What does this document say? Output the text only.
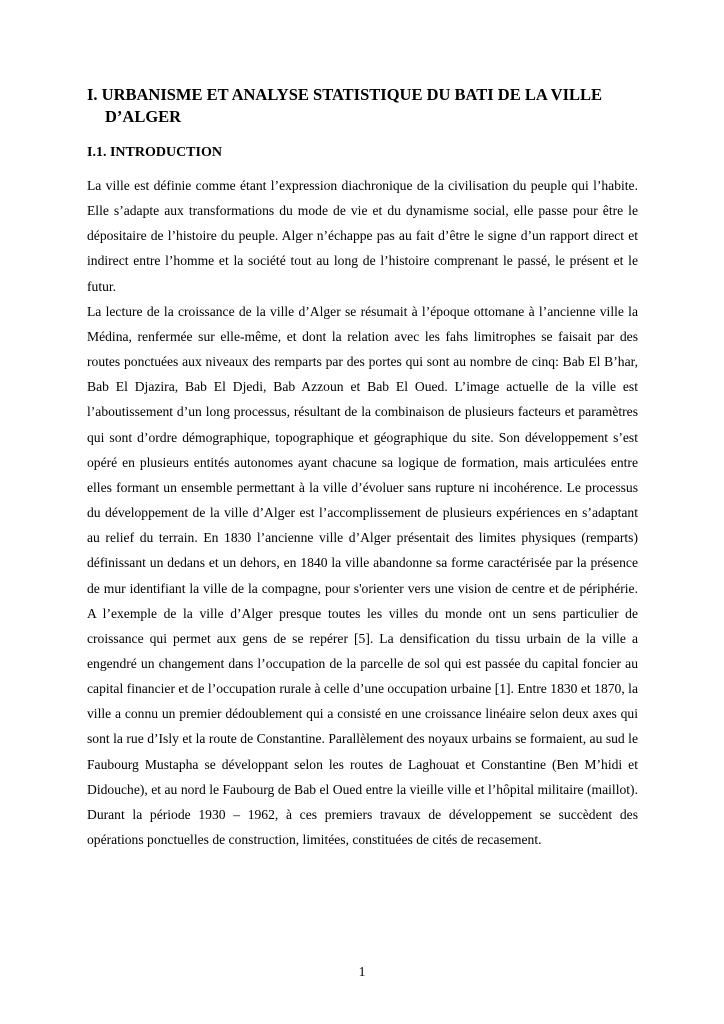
I. URBANISME ET ANALYSE STATISTIQUE DU BATI DE LA VILLE
D’ALGER
I.1. INTRODUCTION

La ville est définie comme étant l’expression diachronique de la civilisation du peuple qui l’habite. Elle s’adapte aux transformations du mode de vie et du dynamisme social, elle passe pour être le dépositaire de l’histoire du peuple. Alger n’échappe pas au fait d’être le signe d’un rapport direct et indirect entre l’homme et la société tout au long de l’histoire comprenant le passé, le présent et le futur.

La lecture de la croissance de la ville d’Alger se résumait à l’époque ottomane à l’ancienne ville la Médina, renfermée sur elle-même, et dont la relation avec les fahs limitrophes se faisait par des routes ponctuées aux niveaux des remparts par des portes qui sont au nombre de cinq: Bab El B’har, Bab El Djazira, Bab El Djedi, Bab Azzoun et Bab El Oued. L’image actuelle de la ville est l’aboutissement d’un long processus, résultant de la combinaison de plusieurs facteurs et paramètres qui sont d’ordre démographique, topographique et géographique du site. Son développement s’est opéré en plusieurs entités autonomes ayant chacune sa logique de formation, mais articulées entre elles formant un ensemble permettant à la ville d’évoluer sans rupture ni incohérence. Le processus du développement de la ville d’Alger est l’accomplissement de plusieurs expériences en s’adaptant au relief du terrain. En 1830 l’ancienne ville d’Alger présentait des limites physiques (remparts) définissant un dedans et un dehors, en 1840 la ville abandonne sa forme caractérisée par la présence de mur identifiant la ville de la compagne, pour s'orienter vers une vision de centre et de périphérie. A l’exemple de la ville d’Alger presque toutes les villes du monde ont un sens particulier de croissance qui permet aux gens de se repérer [5]. La densification du tissu urbain de la ville a engendré un changement dans l’occupation de la parcelle de sol qui est passée du capital foncier au capital financier et de l’occupation rurale à celle d’une occupation urbaine [1]. Entre 1830 et 1870, la ville a connu un premier dédoublement qui a consisté en une croissance linéaire selon deux axes qui sont la rue d’Isly et la route de Constantine. Parallèlement des noyaux urbains se formaient, au sud le Faubourg Mustapha se développant selon les routes de Laghouat et Constantine (Ben M’hidi et Didouche), et au nord le Faubourg de Bab el Oued entre la vieille ville et l’hôpital militaire (maillot). Durant la période 1930 – 1962, à ces premiers travaux de développement se succèdent des opérations ponctuelles de construction, limitées, constituées de cités de recasement.

1
